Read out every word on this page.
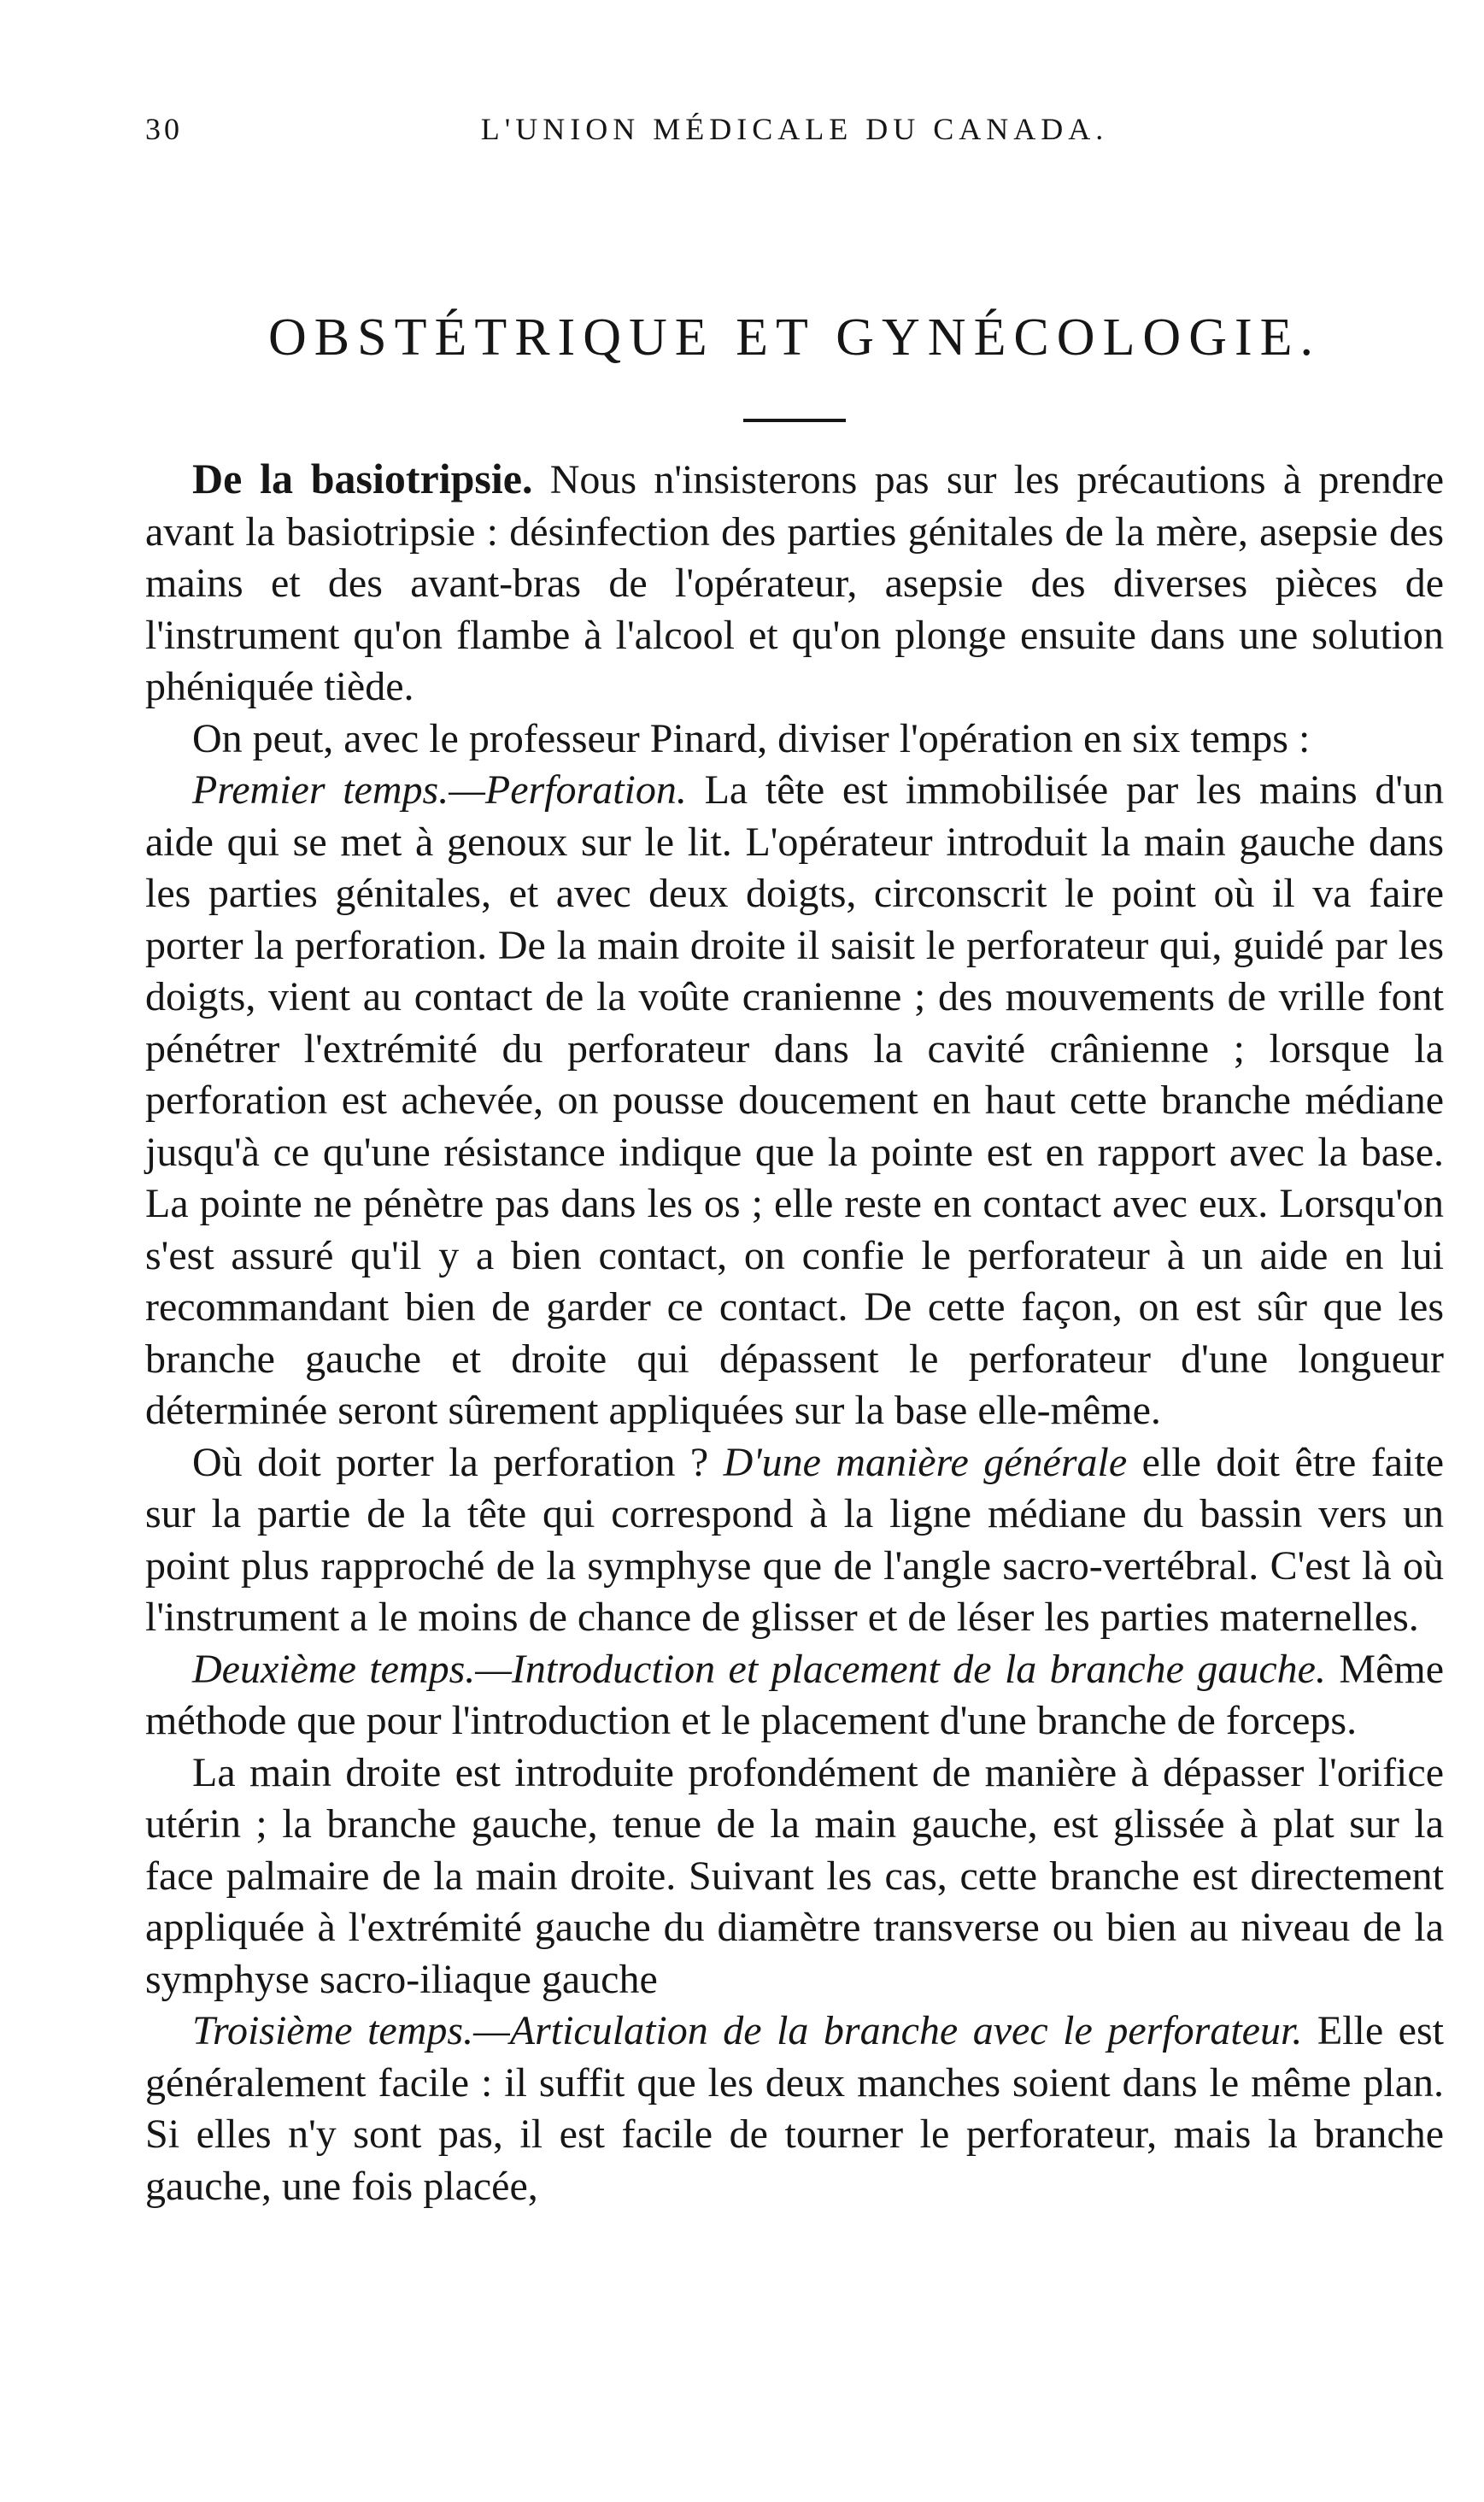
30	L'UNION MÉDICALE DU CANADA.
OBSTÉTRIQUE ET GYNÉCOLOGIE.

De la basiotripsie. Nous n'insisterons pas sur les précautions à prendre avant la basiotripsie : désinfection des parties génitales de la mère, asepsie des mains et des avant-bras de l'opérateur, asepsie des diverses pièces de l'instrument qu'on flambe à l'alcool et qu'on plonge ensuite dans une solution phéniquée tiède.

On peut, avec le professeur Pinard, diviser l'opération en six temps :

Premier temps.—Perforation. La tête est immobilisée par les mains d'un aide qui se met à genoux sur le lit. L'opérateur introduit la main gauche dans les parties génitales, et avec deux doigts, circonscrit le point où il va faire porter la perforation. De la main droite il saisit le perforateur qui, guidé par les doigts, vient au contact de la voûte cranienne ; des mouvements de vrille font pénétrer l'extrémité du perforateur dans la cavité crânienne ; lorsque la perforation est achevée, on pousse doucement en haut cette branche médiane jusqu'à ce qu'une résistance indique que la pointe est en rapport avec la base. La pointe ne pénètre pas dans les os ; elle reste en contact avec eux. Lorsqu'on s'est assuré qu'il y a bien contact, on confie le perforateur à un aide en lui recommandant bien de garder ce contact. De cette façon, on est sûr que les branche gauche et droite qui dépassent le perforateur d'une longueur déterminée seront sûrement appliquées sur la base elle-même.

Où doit porter la perforation ? D'une manière générale elle doit être faite sur la partie de la tête qui correspond à la ligne médiane du bassin vers un point plus rapproché de la symphyse que de l'angle sacro-vertébral. C'est là où l'instrument a le moins de chance de glisser et de léser les parties maternelles.

Deuxième temps.—Introduction et placement de la branche gauche. Même méthode que pour l'introduction et le placement d'une branche de forceps.

La main droite est introduite profondément de manière à dépasser l'orifice utérin ; la branche gauche, tenue de la main gauche, est glissée à plat sur la face palmaire de la main droite. Suivant les cas, cette branche est directement appliquée à l'extrémité gauche du diamètre transverse ou bien au niveau de la symphyse sacro-iliaque gauche

Troisième temps.—Articulation de la branche avec le perforateur. Elle est généralement facile : il suffit que les deux manches soient dans le même plan. Si elles n'y sont pas, il est facile de tourner le perforateur, mais la branche gauche, une fois placée,
